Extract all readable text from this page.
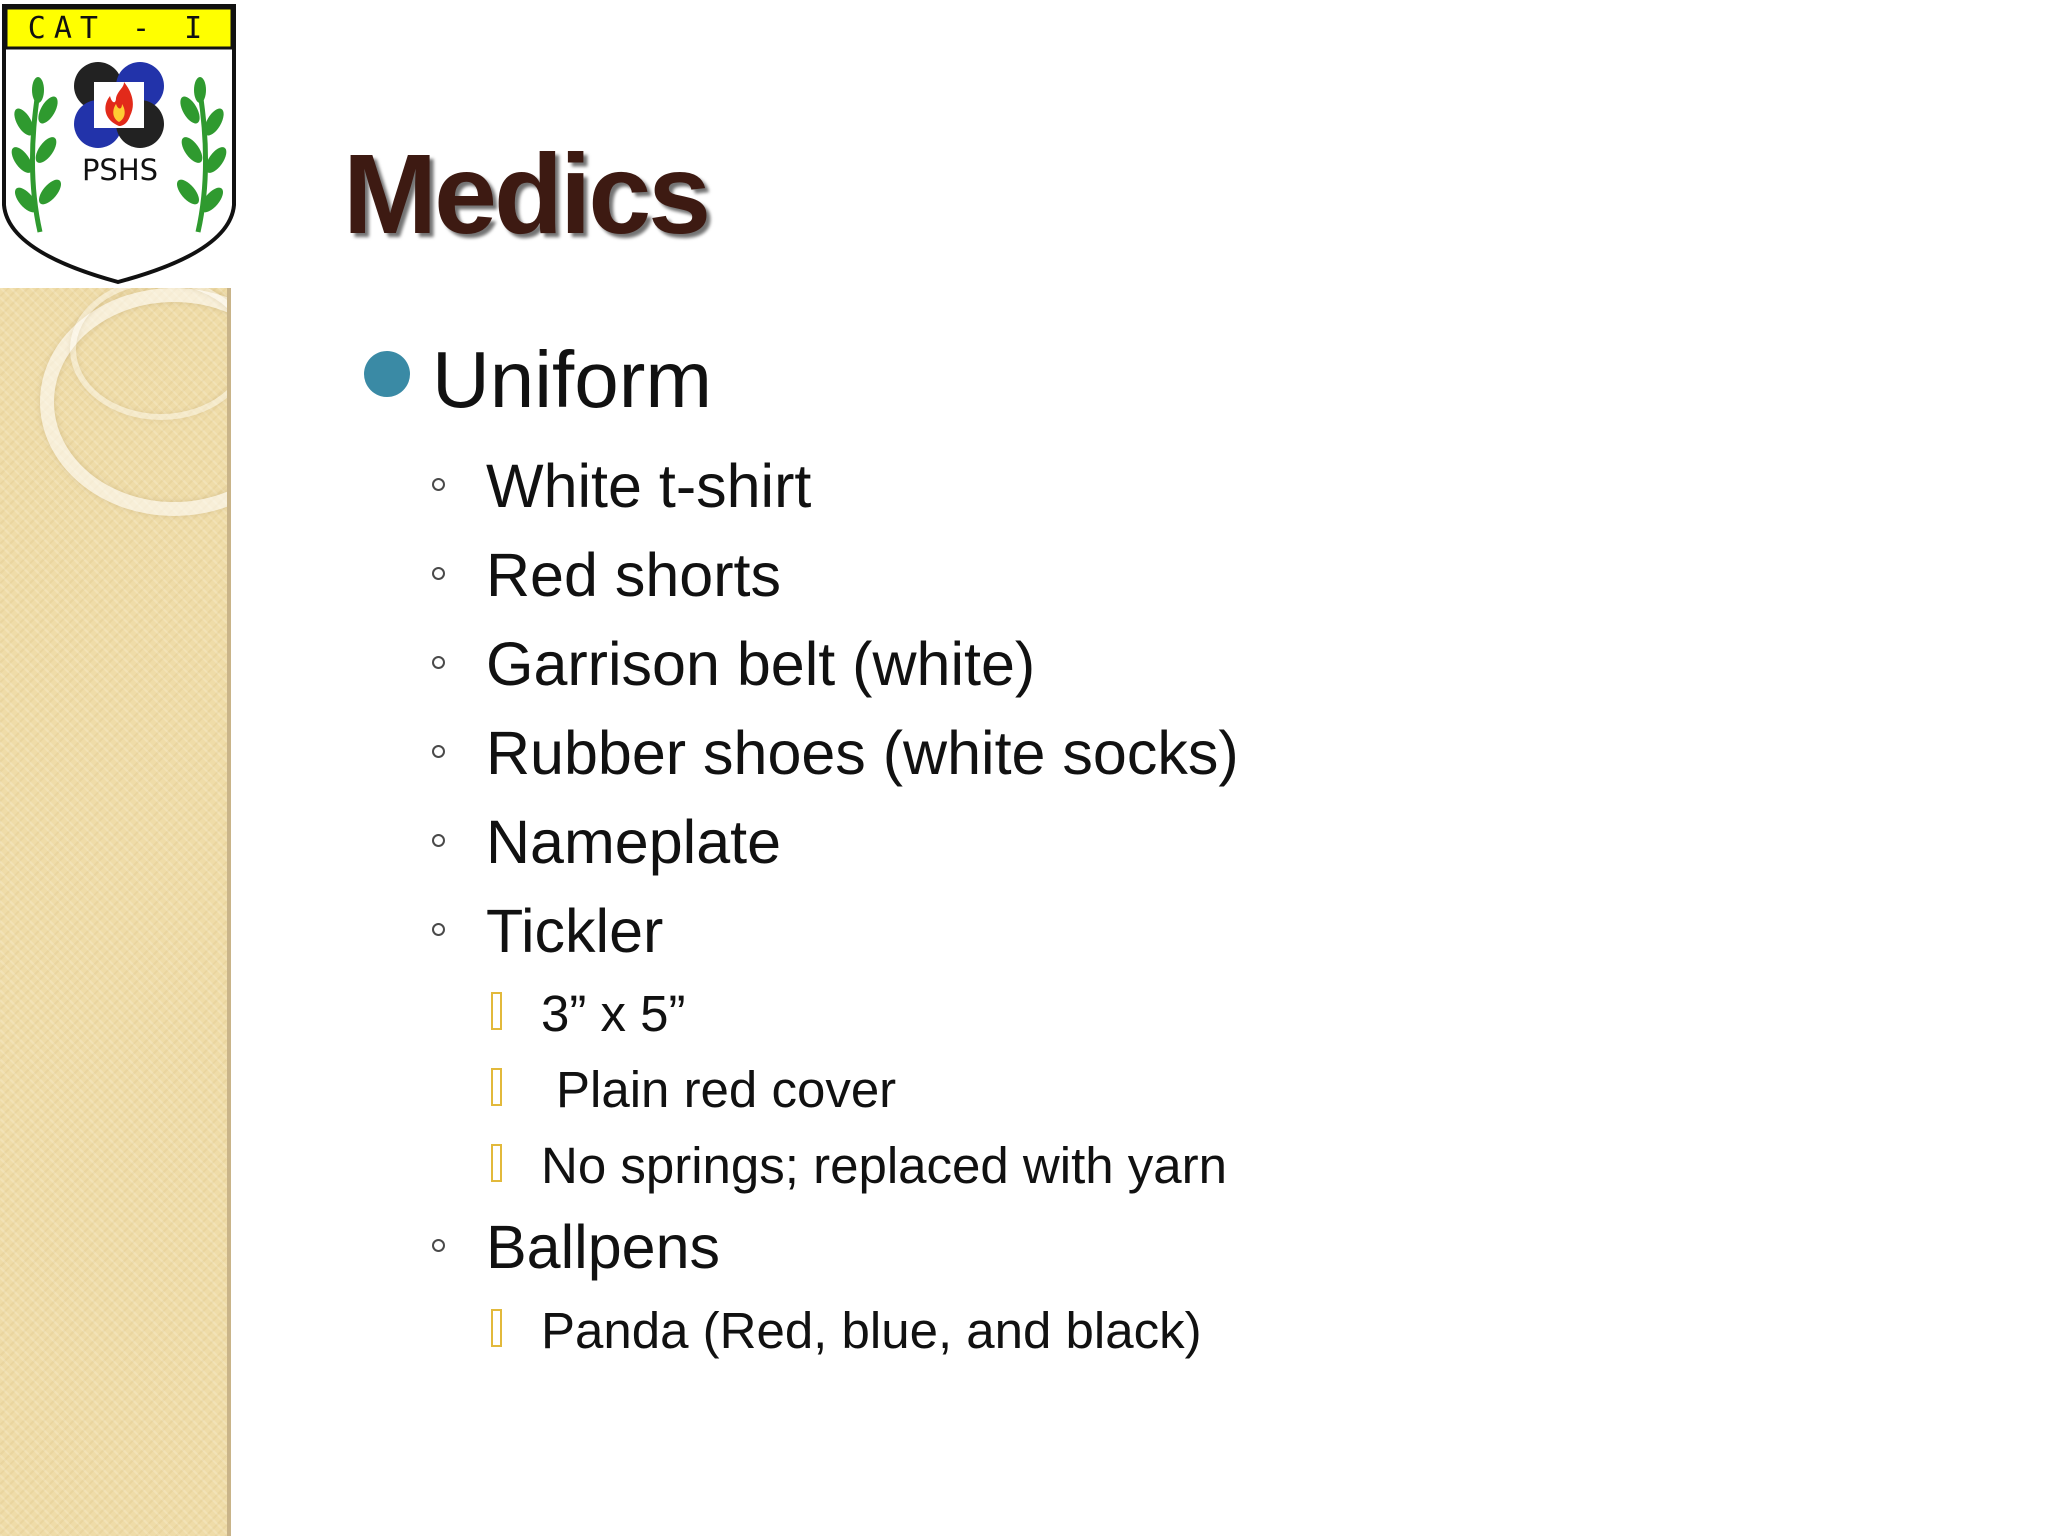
CAT - I
PSHS Medics
Uniform
White t-shirt
Red shorts
Garrison belt (white)
Rubber shoes (white socks)
Nameplate
Tickler
3” x 5”
Plain red cover
No springs; replaced with yarn
Ballpens
Panda (Red, blue, and black)
